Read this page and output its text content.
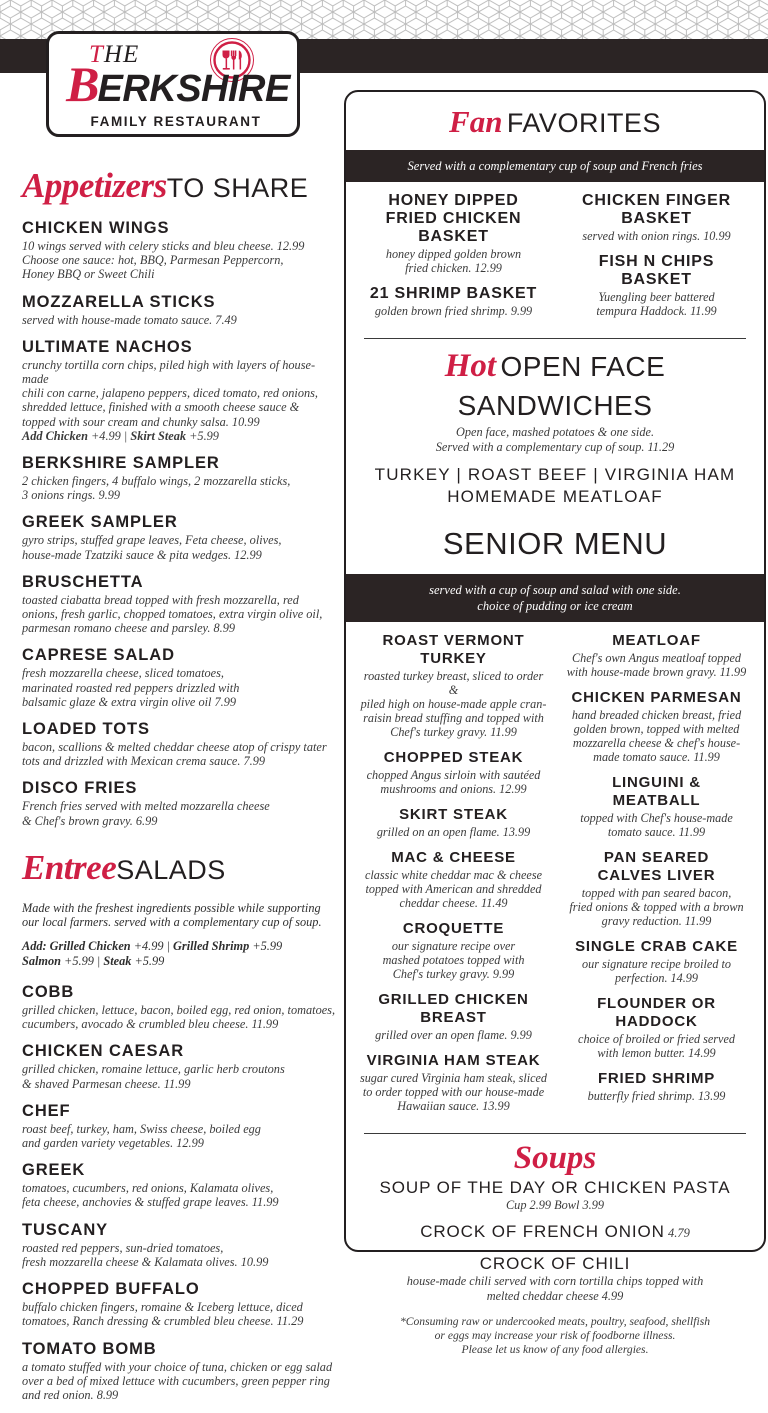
THE
BERKSHIRE
FAMILY RESTAURANT
AppetizersTO SHARE
CHICKEN WINGS
10 wings served with celery sticks and bleu cheese. 12.99
Choose one sauce: hot, BBQ, Parmesan Peppercorn,
Honey BBQ or Sweet Chili
MOZZARELLA STICKS
served with house-made tomato sauce. 7.49
ULTIMATE NACHOS
crunchy tortilla corn chips, piled high with layers of house-made
chili con carne, jalapeno peppers, diced tomato, red onions,
shredded lettuce, finished with a smooth cheese sauce &
topped with sour cream and chunky salsa. 10.99
Add Chicken +4.99 | Skirt Steak +5.99
BERKSHIRE SAMPLER
2 chicken fingers, 4 buffalo wings, 2 mozzarella sticks,
3 onions rings. 9.99
GREEK SAMPLER
gyro strips, stuffed grape leaves, Feta cheese, olives,
house-made Tzatziki sauce & pita wedges. 12.99
BRUSCHETTA
toasted ciabatta bread topped with fresh mozzarella, red
onions, fresh garlic, chopped tomatoes, extra virgin olive oil,
parmesan romano cheese and parsley. 8.99
CAPRESE SALAD
fresh mozzarella cheese, sliced tomatoes,
marinated roasted red peppers drizzled with
balsamic glaze & extra virgin olive oil 7.99
LOADED TOTS
bacon, scallions & melted cheddar cheese atop of crispy tater
tots and drizzled with Mexican crema sauce. 7.99
DISCO FRIES
French fries served with melted mozzarella cheese
& Chef's brown gravy. 6.99
EntreeSALADS
Made with the freshest ingredients possible while supporting
our local farmers. served with a complementary cup of soup.
Add: Grilled Chicken +4.99 | Grilled Shrimp +5.99
Salmon +5.99 | Steak +5.99
COBB
grilled chicken, lettuce, bacon, boiled egg, red onion, tomatoes,
cucumbers, avocado & crumbled bleu cheese. 11.99
CHICKEN CAESAR
grilled chicken, romaine lettuce, garlic herb croutons
& shaved Parmesan cheese. 11.99
CHEF
roast beef, turkey, ham, Swiss cheese, boiled egg
and garden variety vegetables. 12.99
GREEK
tomatoes, cucumbers, red onions, Kalamata olives,
feta cheese, anchovies & stuffed grape leaves. 11.99
TUSCANY
roasted red peppers, sun-dried tomatoes,
fresh mozzarella cheese & Kalamata olives. 10.99
CHOPPED BUFFALO
buffalo chicken fingers, romaine & Iceberg lettuce, diced
tomatoes, Ranch dressing & crumbled bleu cheese. 11.29
TOMATO BOMB
a tomato stuffed with your choice of tuna, chicken or egg salad
over a bed of mixed lettuce with cucumbers, green pepper ring
and red onion. 8.99
Fan FAVORITES
Served with a complementary cup of soup and French fries
HONEY DIPPED
FRIED CHICKEN
BASKET
honey dipped golden brown
fried chicken. 12.99
21 SHRIMP BASKET
golden brown fried shrimp. 9.99
CHICKEN FINGER
BASKET
served with onion rings. 10.99
FISH N CHIPS
BASKET
Yuengling beer battered
tempura Haddock. 11.99
Hot OPEN FACE
SANDWICHES
Open face, mashed potatoes & one side.
Served with a complementary cup of soup. 11.29
TURKEY | ROAST BEEF | VIRGINIA HAM
HOMEMADE MEATLOAF
SENIOR MENU
served with a cup of soup and salad with one side.
choice of pudding or ice cream
ROAST VERMONT
TURKEY
roasted turkey breast, sliced to order &
piled high on house-made apple cran-
raisin bread stuffing and topped with
Chef's turkey gravy. 11.99
CHOPPED STEAK
chopped Angus sirloin with sautéed
mushrooms and onions. 12.99
SKIRT STEAK
grilled on an open flame. 13.99
MAC & CHEESE
classic white cheddar mac & cheese
topped with American and shredded
cheddar cheese. 11.49
CROQUETTE
our signature recipe over
mashed potatoes topped with
Chef's turkey gravy. 9.99
GRILLED CHICKEN
BREAST
grilled over an open flame. 9.99
VIRGINIA HAM STEAK
sugar cured Virginia ham steak, sliced
to order topped with our house-made
Hawaiian sauce. 13.99
MEATLOAF
Chef's own Angus meatloaf topped
with house-made brown gravy. 11.99
CHICKEN PARMESAN
hand breaded chicken breast, fried
golden brown, topped with melted
mozzarella cheese & chef's house-
made tomato sauce. 11.99
LINGUINI &
MEATBALL
topped with Chef's house-made
tomato sauce. 11.99
PAN SEARED
CALVES LIVER
topped with pan seared bacon,
fried onions & topped with a brown
gravy reduction. 11.99
SINGLE CRAB CAKE
our signature recipe broiled to
perfection. 14.99
FLOUNDER OR
HADDOCK
choice of broiled or fried served
with lemon butter. 14.99
FRIED SHRIMP
butterfly fried shrimp. 13.99
Soups
SOUP OF THE DAY OR CHICKEN PASTA
Cup 2.99 Bowl 3.99
CROCK OF FRENCH ONION 4.79
CROCK OF CHILI
house-made chili served with corn tortilla chips topped with
melted cheddar cheese 4.99
*Consuming raw or undercooked meats, poultry, seafood, shellfish
or eggs may increase your risk of foodborne illness.
Please let us know of any food allergies.
